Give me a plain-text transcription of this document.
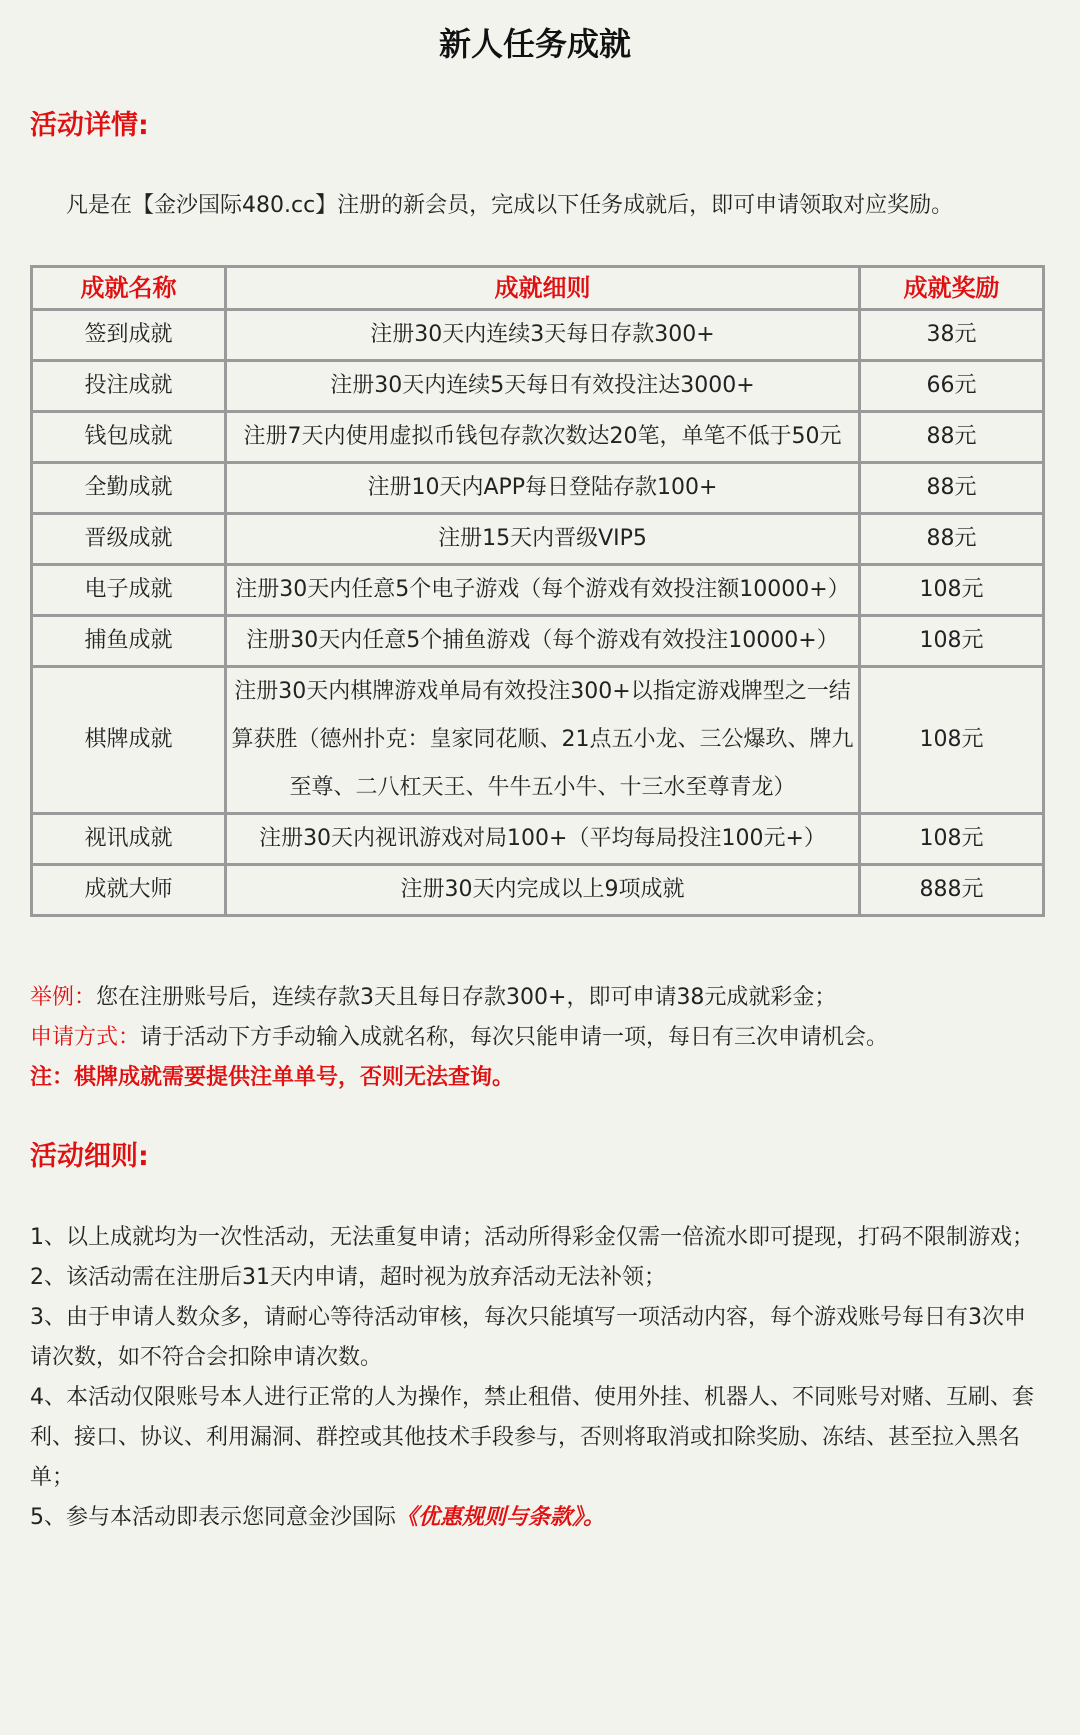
新人任务成就
活动详情:
凡是在【金沙国际480.cc】注册的新会员，完成以下任务成就后，即可申请领取对应奖励。
成就名称	成就细则	成就奖励
签到成就	注册30天内连续3天每日存款300+	38元
投注成就	注册30天内连续5天每日有效投注达3000+	66元
钱包成就	注册7天内使用虚拟币钱包存款次数达20笔，单笔不低于50元	88元
全勤成就	注册10天内APP每日登陆存款100+	88元
晋级成就	注册15天内晋级VIP5	88元
电子成就	注册30天内任意5个电子游戏（每个游戏有效投注额10000+）	108元
捕鱼成就	注册30天内任意5个捕鱼游戏（每个游戏有效投注10000+）	108元
棋牌成就	注册30天内棋牌游戏单局有效投注300+以指定游戏牌型之一结算获胜（德州扑克：皇家同花顺、21点五小龙、三公爆玖、牌九至尊、二八杠天王、牛牛五小牛、十三水至尊青龙）	108元
视讯成就	注册30天内视讯游戏对局100+（平均每局投注100元+）	108元
成就大师	注册30天内完成以上9项成就	888元
举例：您在注册账号后，连续存款3天且每日存款300+，即可申请38元成就彩金；
申请方式：请于活动下方手动输入成就名称，每次只能申请一项，每日有三次申请机会。
注：棋牌成就需要提供注单单号，否则无法查询。
活动细则:

1、以上成就均为一次性活动，无法重复申请；活动所得彩金仅需一倍流水即可提现，打码不限制游戏；

2、该活动需在注册后31天内申请，超时视为放弃活动无法补领；

3、由于申请人数众多，请耐心等待活动审核，每次只能填写一项活动内容，每个游戏账号每日有3次申请次数，如不符合会扣除申请次数。

4、本活动仅限账号本人进行正常的人为操作，禁止租借、使用外挂、机器人、不同账号对赌、互刷、套利、接口、协议、利用漏洞、群控或其他技术手段参与，否则将取消或扣除奖励、冻结、甚至拉入黑名单；

5、参与本活动即表示您同意金沙国际《优惠规则与条款》。
